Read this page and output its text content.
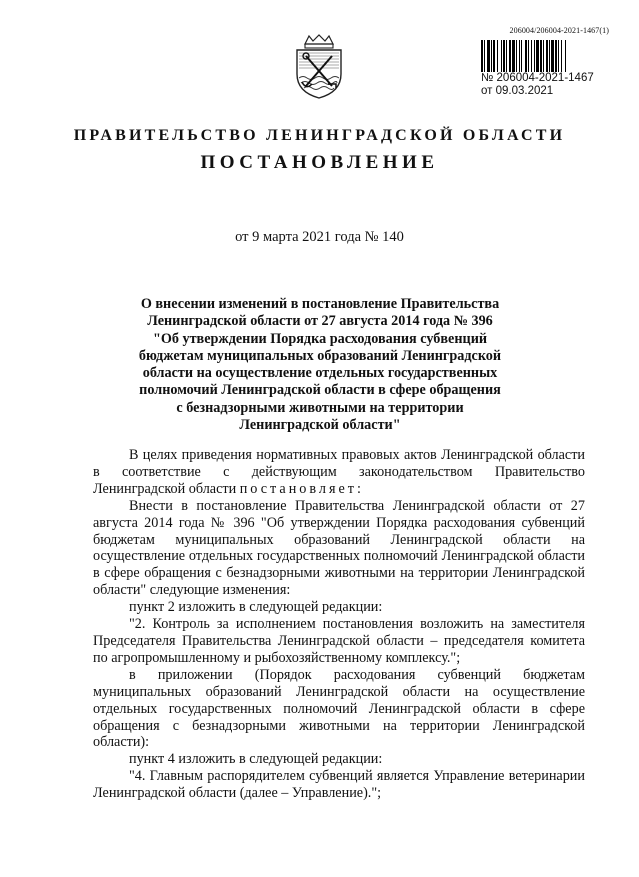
206004/206004-2021-1467(1)
№ 206004-2021-1467
от 09.03.2021
ПРАВИТЕЛЬСТВО ЛЕНИНГРАДСКОЙ ОБЛАСТИ
ПОСТАНОВЛЕНИЕ
от 9 марта 2021 года № 140
О внесении изменений в постановление Правительства
Ленинградской области от 27 августа 2014 года № 396
"Об утверждении Порядка расходования субвенций
бюджетам муниципальных образований Ленинградской
области на осуществление отдельных государственных
полномочий Ленинградской области в сфере обращения
с безнадзорными животными на территории
Ленинградской области"

В целях приведения нормативных правовых актов Ленинградской области в соответствие с действующим законодательством Правительство Ленинградской области постановляет:

Внести в постановление Правительства Ленинградской области от 27 августа 2014 года № 396 "Об утверждении Порядка расходования субвенций бюджетам муниципальных образований Ленинградской области на осуществление отдельных государственных полномочий Ленинградской области в сфере обращения с безнадзорными животными на территории Ленинградской области" следующие изменения:

пункт 2 изложить в следующей редакции:

"2. Контроль за исполнением постановления возложить на заместителя Председателя Правительства Ленинградской области – председателя комитета по агропромышленному и рыбохозяйственному комплексу.";

в приложении (Порядок расходования субвенций бюджетам муниципальных образований Ленинградской области на осуществление отдельных государственных полномочий Ленинградской области в сфере обращения с безнадзорными животными на территории Ленинградской области):

пункт 4 изложить в следующей редакции:

"4. Главным распорядителем субвенций является Управление ветеринарии Ленинградской области (далее – Управление).";
